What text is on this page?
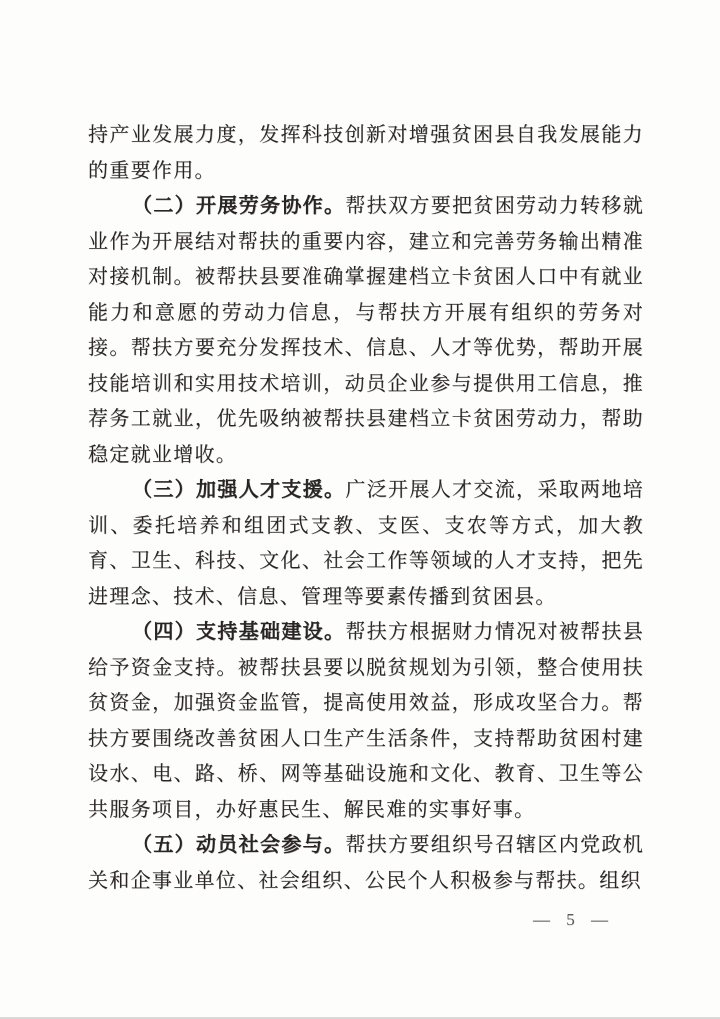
持产业发展力度，发挥科技创新对增强贫困县自我发展能力的重要作用。

（二）开展劳务协作。帮扶双方要把贫困劳动力转移就业作为开展结对帮扶的重要内容，建立和完善劳务输出精准对接机制。被帮扶县要准确掌握建档立卡贫困人口中有就业能力和意愿的劳动力信息，与帮扶方开展有组织的劳务对接。帮扶方要充分发挥技术、信息、人才等优势，帮助开展技能培训和实用技术培训，动员企业参与提供用工信息，推荐务工就业，优先吸纳被帮扶县建档立卡贫困劳动力，帮助稳定就业增收。

（三）加强人才支援。广泛开展人才交流，采取两地培训、委托培养和组团式支教、支医、支农等方式，加大教育、卫生、科技、文化、社会工作等领域的人才支持，把先进理念、技术、信息、管理等要素传播到贫困县。

（四）支持基础建设。帮扶方根据财力情况对被帮扶县给予资金支持。被帮扶县要以脱贫规划为引领，整合使用扶贫资金，加强资金监管，提高使用效益，形成攻坚合力。帮扶方要围绕改善贫困人口生产生活条件，支持帮助贫困村建设水、电、路、桥、网等基础设施和文化、教育、卫生等公共服务项目，办好惠民生、解民难的实事好事。

（五）动员社会参与。帮扶方要组织号召辖区内党政机关和企事业单位、社会组织、公民个人积极参与帮扶。组织

— 5 —
